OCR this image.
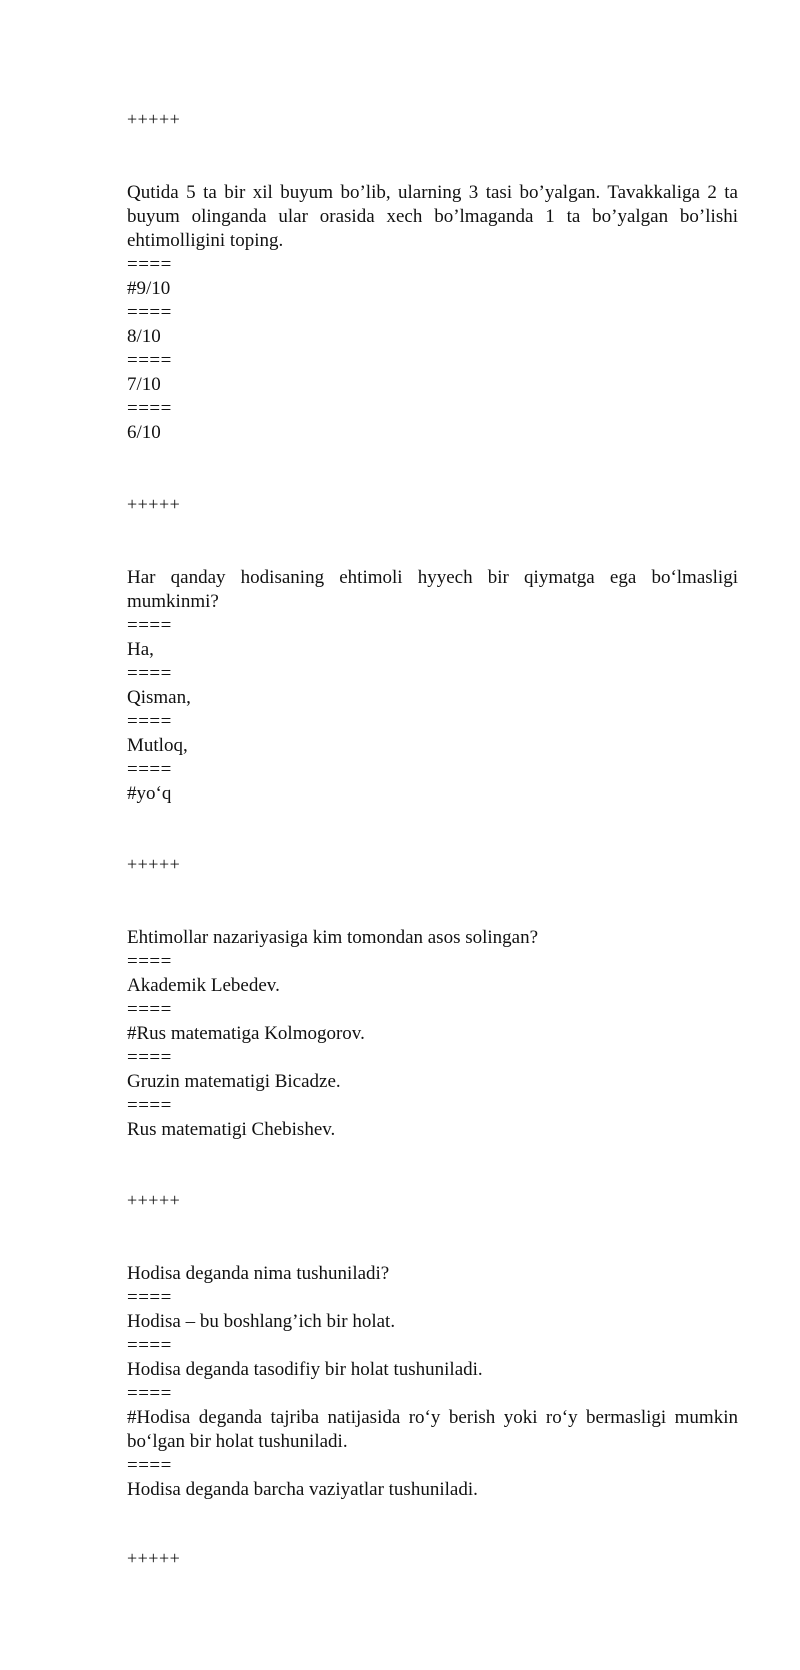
+++++
Qutida 5 ta bir xil buyum bo’lib, ularning 3 tasi bo’yalgan. Tavakkaliga 2 ta buyum olinganda ular orasida xech bo’lmaganda 1 ta bo’yalgan bo’lishi ehtimolligini toping.
====
#9/10
====
8/10
====
7/10
====
6/10
+++++
Har qanday hodisaning ehtimoli hyyech bir qiymatga ega bo‘lmasligi mumkinmi?
====
Ha,
====
Qisman,
====
Mutloq,
====
#yo‘q
+++++
Ehtimollar nazariyasiga kim tomondan asos solingan?
====
Akademik Lebedev.
====
#Rus matematiga Kolmogorov.
====
Gruzin matematigi Bicadze.
====
Rus matematigi Chebishev.
+++++
Hodisa deganda nima tushuniladi?
====
Hodisa – bu boshlang’ich bir holat.
====
Hodisa deganda tasodifiy bir holat tushuniladi.
====
#Hodisa deganda tajriba natijasida ro‘y berish yoki ro‘y bermasligi mumkin bo‘lgan bir holat tushuniladi.
====
Hodisa deganda barcha vaziyatlar tushuniladi.
+++++
